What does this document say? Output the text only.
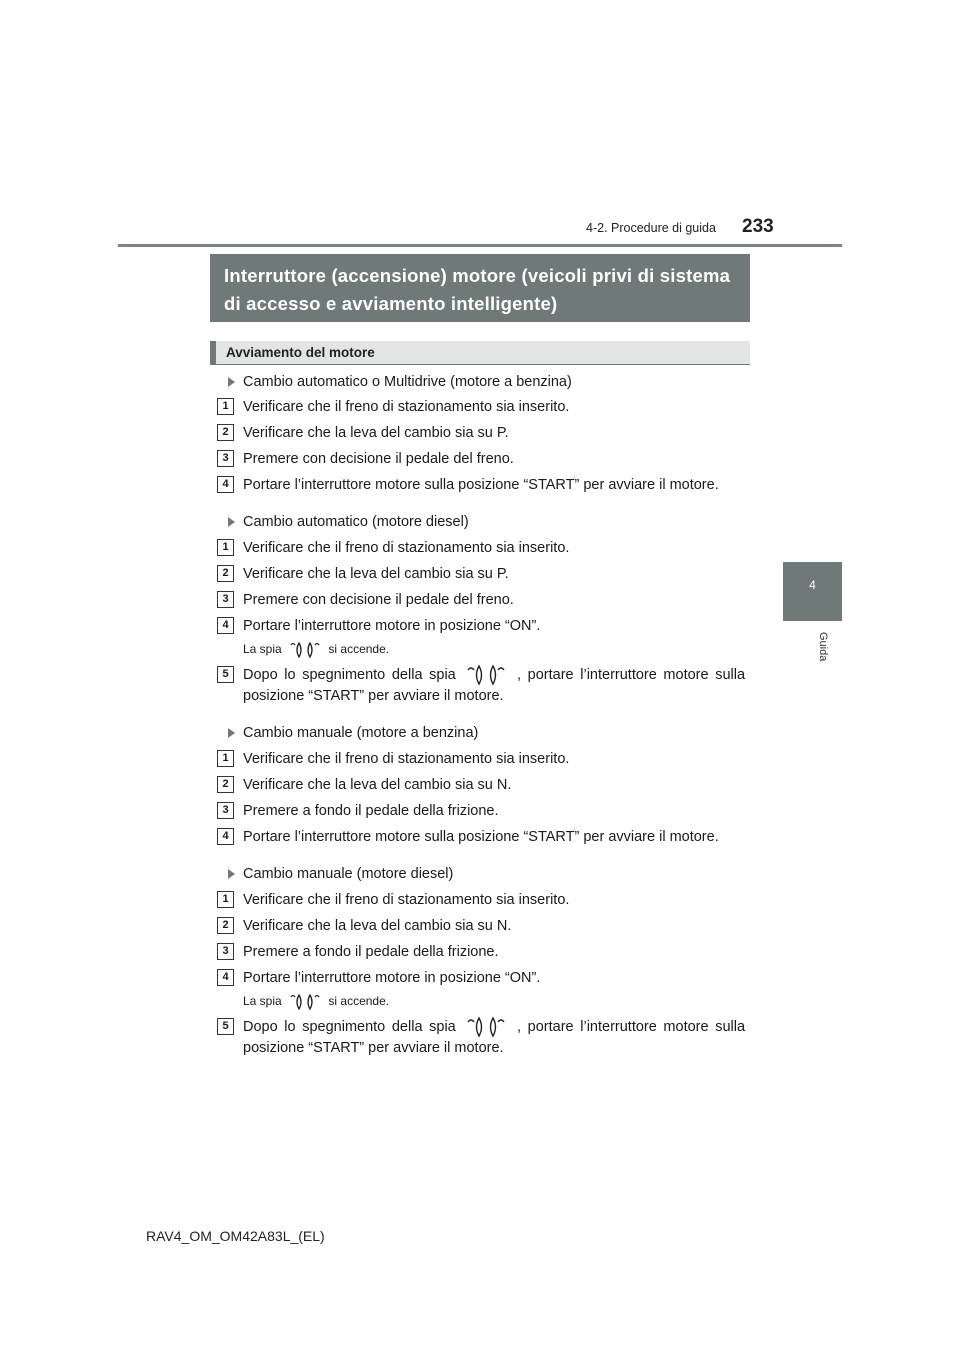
233
4-2. Procedure di guida
4
Guida
Interruttore (accensione) motore (veicoli privi di sistema di accesso e avviamento intelligente)
Avviamento del motore
Cambio automatico o Multidrive (motore a benzina)
1 Verificare che il freno di stazionamento sia inserito.
2 Verificare che la leva del cambio sia su P.
3 Premere con decisione il pedale del freno.
4 Portare l’interruttore motore sulla posizione “START” per avviare il motore.
Cambio automatico (motore diesel)
1 Verificare che il freno di stazionamento sia inserito.
2 Verificare che la leva del cambio sia su P.
3 Premere con decisione il pedale del freno.
4 Portare l’interruttore motore in posizione “ON”.
La spia	si accende.
5 Dopo lo spegnimento della spia	, portare l’interruttore motore sulla posizione “START” per avviare il motore.
Cambio manuale (motore a benzina)
1 Verificare che il freno di stazionamento sia inserito.
2 Verificare che la leva del cambio sia su N.
3 Premere a fondo il pedale della frizione.
4 Portare l’interruttore motore sulla posizione “START” per avviare il motore.
Cambio manuale (motore diesel)
1 Verificare che il freno di stazionamento sia inserito.
2 Verificare che la leva del cambio sia su N.
3 Premere a fondo il pedale della frizione.
4 Portare l’interruttore motore in posizione “ON”.
La spia	si accende.
5 Dopo lo spegnimento della spia	, portare l’interruttore motore sulla posizione “START” per avviare il motore.
RAV4_OM_OM42A83L_(EL)
